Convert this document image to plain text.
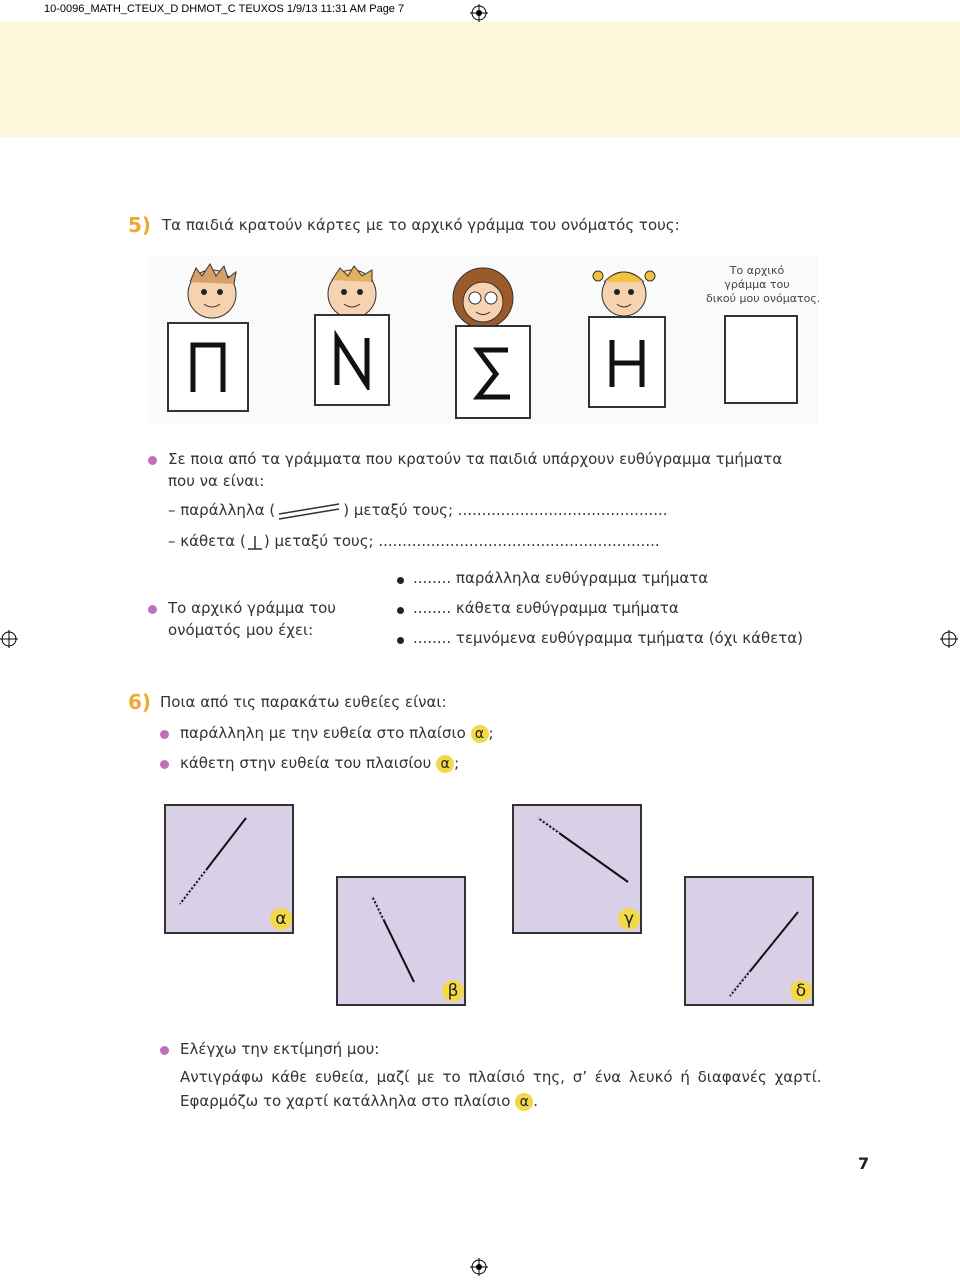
10-0096_MATH_CTEUX_D DHMOT_C TEUXOS 1/9/13 11:31 AM Page 7
5) Τα παιδιά κρατούν κάρτες με το αρχικό γράμμα του ονόματός τους:
Το αρχικό
γράμμα του
δικού μου ονόματος.
Σε ποια από τα γράμματα που κρατούν τα παιδιά υπάρχουν ευθύγραμμα τμήματα
που να είναι:
– παράλληλα (	) μεταξύ τους; ............................................
– κάθετα ( ) μεταξύ τους; ...........................................................
Το αρχικό γράμμα του
ονόματός μου έχει:
........ παράλληλα ευθύγραμμα τμήματα
........ κάθετα ευθύγραμμα τμήματα
........ τεμνόμενα ευθύγραμμα τμήματα (όχι κάθετα)
6) Ποια από τις παρακάτω ευθείες είναι:
παράλληλη με την ευθεία στο πλαίσιο α ;
κάθετη στην ευθεία του πλαισίου α ;
α
β
γ
δ
Ελέγχω την εκτίμησή μου:
Αντιγράφω κάθε ευθεία, μαζί με το πλαίσιό της, σ’ ένα λευκό ή διαφανές χαρτί.
Εφαρμόζω το χαρτί κατάλληλα στο πλαίσιο α .
7
